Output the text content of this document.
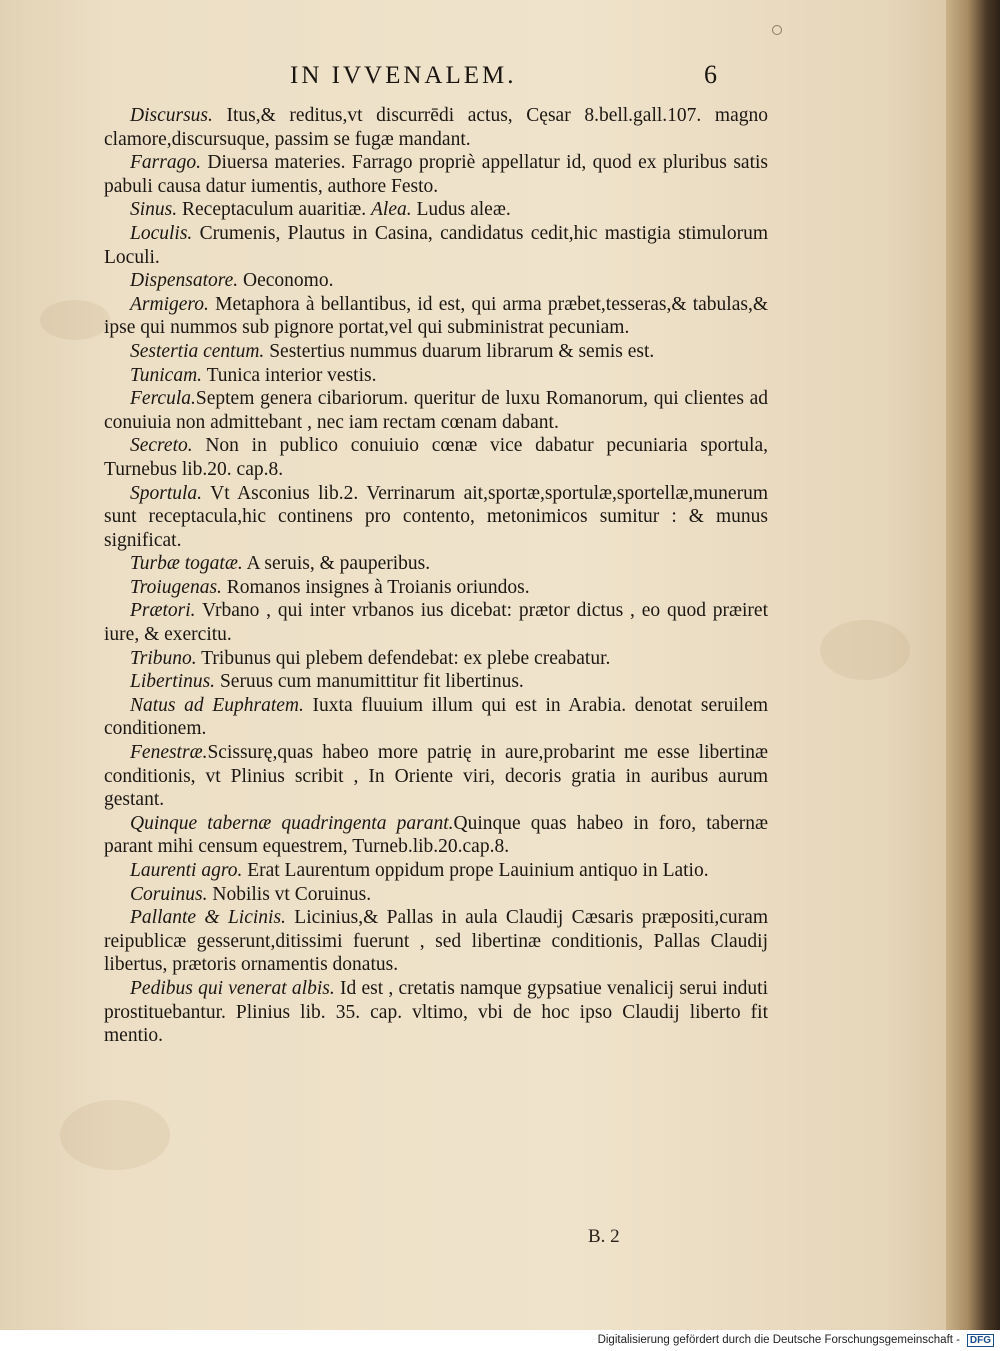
IN IVVENALEM.	6
Discursus. Itus,& reditus,vt discurrēdi actus, Cęsar 8.bell.gall.107. magno clamore,discursuque, passim se fugæ mandant.
Farrago. Diuersa materies. Farrago propriè appellatur id, quod ex pluribus satis pabuli causa datur iumentis, authore Festo.
Sinus. Receptaculum auaritiæ. Alea. Ludus aleæ.
Loculis. Crumenis, Plautus in Casina, candidatus cedit,hic mastigia stimulorum Loculi.
Dispensatore. Oeconomo.
Armigero. Metaphora à bellantibus, id est, qui arma præbet,tesseras,& tabulas,& ipse qui nummos sub pignore portat,vel qui subministrat pecuniam.
Sestertia centum. Sestertius nummus duarum librarum & semis est.
Tunicam. Tunica interior vestis.
Fercula.Septem genera cibariorum. queritur de luxu Romanorum, qui clientes ad conuiuia non admittebant , nec iam rectam cœnam dabant.
Secreto. Non in publico conuiuio cœnæ vice dabatur pecuniaria sportula, Turnebus lib.20. cap.8.
Sportula. Vt Asconius lib.2. Verrinarum ait,sportæ,sportulæ,sportellæ,munerum sunt receptacula,hic continens pro contento, metonimicos sumitur : & munus significat.
Turbæ togatæ. A seruis, & pauperibus.
Troiugenas. Romanos insignes à Troianis oriundos.
Prætori. Vrbano , qui inter vrbanos ius dicebat: prætor dictus , eo quod præiret iure, & exercitu.
Tribuno. Tribunus qui plebem defendebat: ex plebe creabatur.
Libertinus. Seruus cum manumittitur fit libertinus.
Natus ad Euphratem. Iuxta fluuium illum qui est in Arabia. denotat seruilem conditionem.
Fenestræ.Scissurę,quas habeo more patrię in aure,probarint me esse libertinæ conditionis, vt Plinius scribit , In Oriente viri, decoris gratia in auribus aurum gestant.
Quinque tabernæ quadringenta parant.Quinque quas habeo in foro, tabernæ parant mihi censum equestrem, Turneb.lib.20.cap.8.
Laurenti agro. Erat Laurentum oppidum prope Lauinium antiquo in Latio.
Coruinus. Nobilis vt Coruinus.
Pallante & Licinis. Licinius,& Pallas in aula Claudij Cæsaris præpositi,curam reipublicæ gesserunt,ditissimi fuerunt , sed libertinæ conditionis, Pallas Claudij libertus, prætoris ornamentis donatus.
Pedibus qui venerat albis. Id est , cretatis namque gypsatiue venalicij serui induti prostituebantur. Plinius lib. 35. cap. vltimo, vbi de hoc ipso Claudij liberto fit mentio.
B. 2
Digitalisierung gefördert durch die Deutsche Forschungsgemeinschaft - DFG
